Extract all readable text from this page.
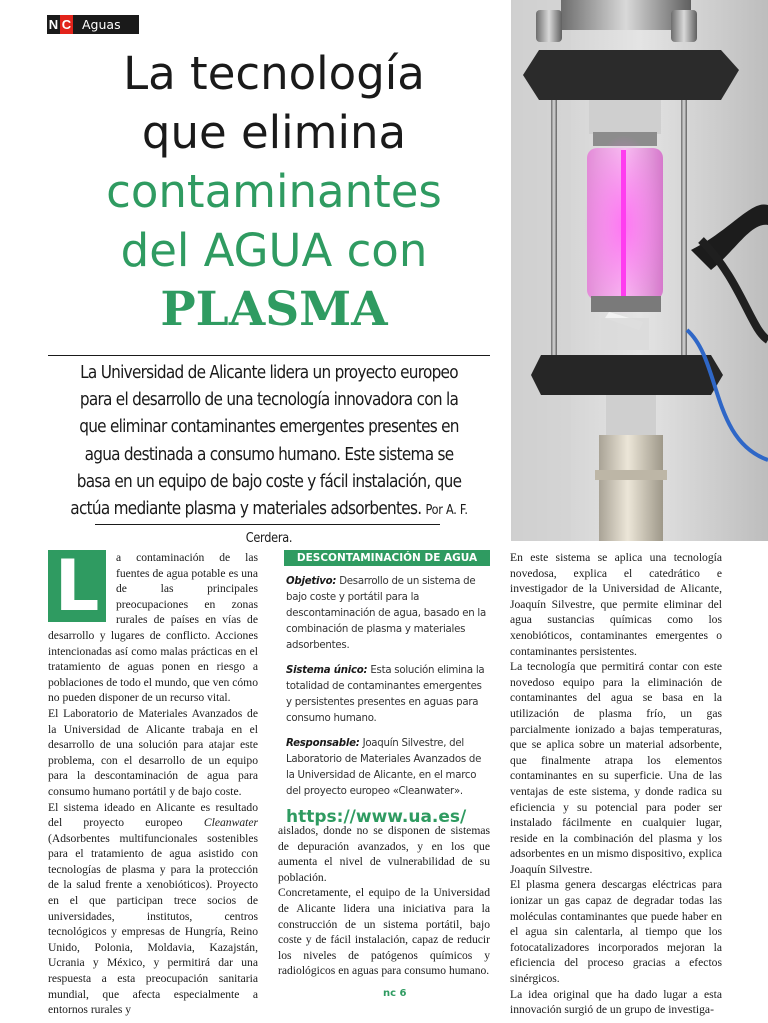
N C Aguas
La tecnología
que elimina
contaminantes
del AGUA con
PLASMA
La Universidad de Alicante lidera un proyecto europeo para el desarrollo de una tecnología innovadora con la que eliminar contaminantes emergentes presentes en agua destinada a consumo humano. Este sistema se basa en un equipo de bajo coste y fácil instalación, que actúa mediante plasma y materiales adsorbentes. Por A. F. Cerdera.
L	a contaminación de las fuentes de agua potable es una de las principales preocupaciones en zonas rurales de países en vías de desarrollo y lugares de conflicto. Acciones intencionadas así como malas prácticas en el tratamiento de aguas ponen en riesgo a poblaciones de todo el mundo, que ven cómo no pueden disponer de un recurso vital.

El Laboratorio de Materiales Avanzados de la Universidad de Alicante trabaja en el desarrollo de una solución para atajar este problema, con el desarrollo de un equipo para la descontaminación de agua para consumo humano portátil y de bajo coste.

El sistema ideado en Alicante es resultado del proyecto europeo Cleanwater (Adsorbentes multifuncionales sostenibles para el tratamiento de agua asistido con tecnologías de plasma y para la protección de la salud frente a xenobióticos). Proyecto en el que participan trece socios de universidades, institutos, centros tecnológicos y empresas de Hungría, Reino Unido, Polonia, Moldavia, Kazajstán, Ucrania y México, y permitirá dar una respuesta a esta preocupación sanitaria mundial, que afecta especialmente a entornos rurales y

DESCONTAMINACIÓN DE AGUA

Objetivo: Desarrollo de un sistema de bajo coste y portátil para la descontaminación de agua, basado en la combinación de plasma y materiales adsorbentes.

Sistema único: Esta solución elimina la totalidad de contaminantes emergentes y persistentes presentes en aguas para consumo humano.

Responsable: Joaquín Silvestre, del Laboratorio de Materiales Avanzados de la Universidad de Alicante, en el marco del proyecto europeo «Cleanwater».

https://www.ua.es/

aislados, donde no se disponen de sistemas de depuración avanzados, y en los que aumenta el nivel de vulnerabilidad de su población.

Concretamente, el equipo de la Universidad de Alicante lidera una iniciativa para la construcción de un sistema portátil, bajo coste y de fácil instalación, capaz de reducir los niveles de patógenos químicos y radiológicos en aguas para consumo humano.

En este sistema se aplica una tecnología novedosa, explica el catedrático e investigador de la Universidad de Alicante, Joaquín Silvestre, que permite eliminar del agua sustancias químicas como los xenobióticos, contaminantes emergentes o contaminantes persistentes.

La tecnología que permitirá contar con este novedoso equipo para la eliminación de contaminantes del agua se basa en la utilización de plasma frío, un gas parcialmente ionizado a bajas temperaturas, que se aplica sobre un material adsorbente, que finalmente atrapa los elementos contaminantes en su superficie. Una de las ventajas de este sistema, y donde radica su eficiencia y su potencial para poder ser instalado fácilmente en cualquier lugar, reside en la combinación del plasma y los adsorbentes en un mismo dispositivo, explica Joaquín Silvestre.

El plasma genera descargas eléctricas para ionizar un gas capaz de degradar todas las moléculas contaminantes que puede haber en el agua sin calentarla, al tiempo que los fotocatalizadores incorporados mejoran la eficiencia del proceso gracias a efectos sinérgicos.

La idea original que ha dado lugar a esta innovación surgió de un grupo de investiga-

nc 6
